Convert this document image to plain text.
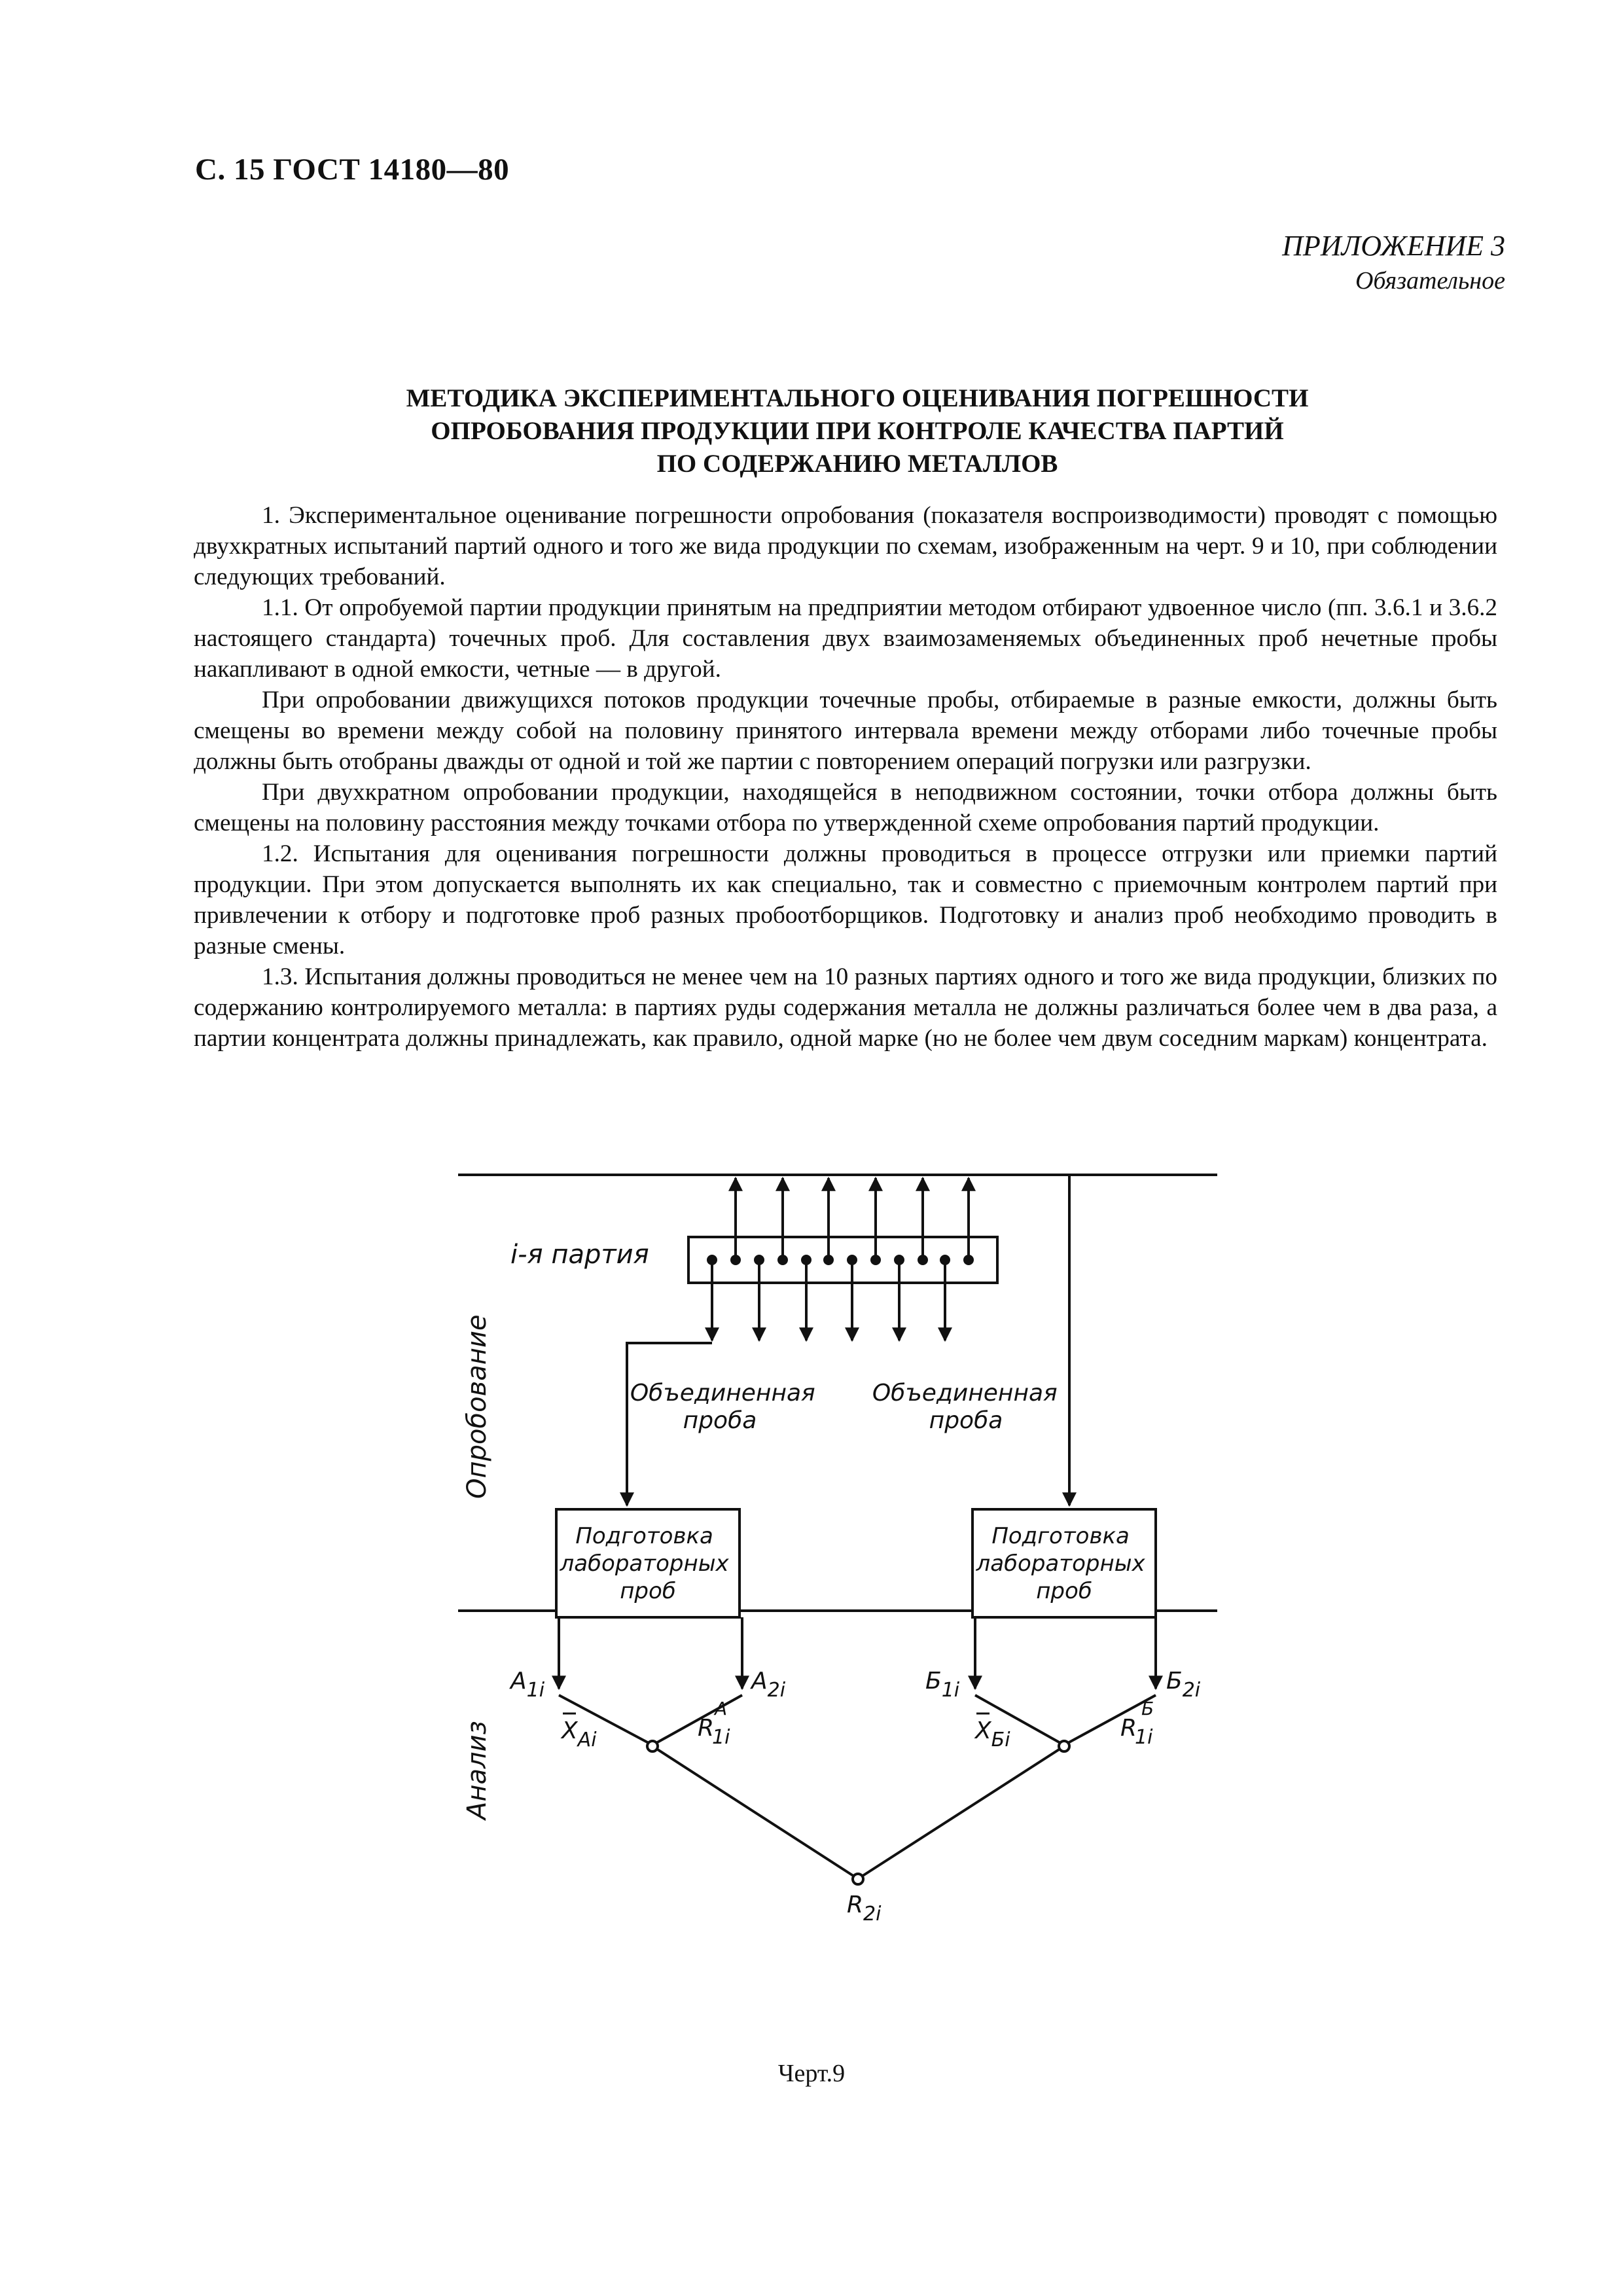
С. 15 ГОСТ 14180—80
ПРИЛОЖЕНИЕ 3
Обязательное
МЕТОДИКА ЭКСПЕРИМЕНТАЛЬНОГО ОЦЕНИВАНИЯ ПОГРЕШНОСТИ
ОПРОБОВАНИЯ ПРОДУКЦИИ ПРИ КОНТРОЛЕ КАЧЕСТВА ПАРТИЙ
ПО СОДЕРЖАНИЮ МЕТАЛЛОВ

1. Экспериментальное оценивание погрешности опробования (показателя воспроизводимости) проводят с помощью двухкратных испытаний партий одного и того же вида продукции по схемам, изображенным на черт. 9 и 10, при соблюдении следующих требований.

1.1. От опробуемой партии продукции принятым на предприятии методом отбирают удвоенное число (пп. 3.6.1 и 3.6.2 настоящего стандарта) точечных проб. Для составления двух взаимозаменяемых объединенных проб нечетные пробы накапливают в одной емкости, четные — в другой.

При опробовании движущихся потоков продукции точечные пробы, отбираемые в разные емкости, должны быть смещены во времени между собой на половину принятого интервала времени между отборами либо точечные пробы должны быть отобраны дважды от одной и той же партии с повторением операций погрузки или разгрузки.

При двухкратном опробовании продукции, находящейся в неподвижном состоянии, точки отбора должны быть смещены на половину расстояния между точками отбора по утвержденной схеме опробования партий продукции.

1.2. Испытания для оценивания погрешности должны проводиться в процессе отгрузки или приемки партий продукции. При этом допускается выполнять их как специально, так и совместно с приемочным контролем партий при привлечении к отбору и подготовке проб разных пробоотборщиков. Подготовку и анализ проб необходимо проводить в разные смены.

1.3. Испытания должны проводиться не менее чем на 10 разных партиях одного и того же вида продукции, близких по содержанию контролируемого металла: в партиях руды содержания металла не должны различаться более чем в два раза, а партии концентрата должны принадлежать, как правило, одной марке (но не более чем двум соседним маркам) концентрата.

i-я партия
Опробование
Анализ
Объединенная проба
Объединенная проба
Подготовка лабораторных проб
Подготовка лабораторных проб
$A_{1i}$	$A_{2i}$	$Б_{1i}$	$Б_{2i}$
$X_{Ai}$	$X_{Бi}$
R
1i
A
R
1i
Б
$R_{2i}$
Черт.9
